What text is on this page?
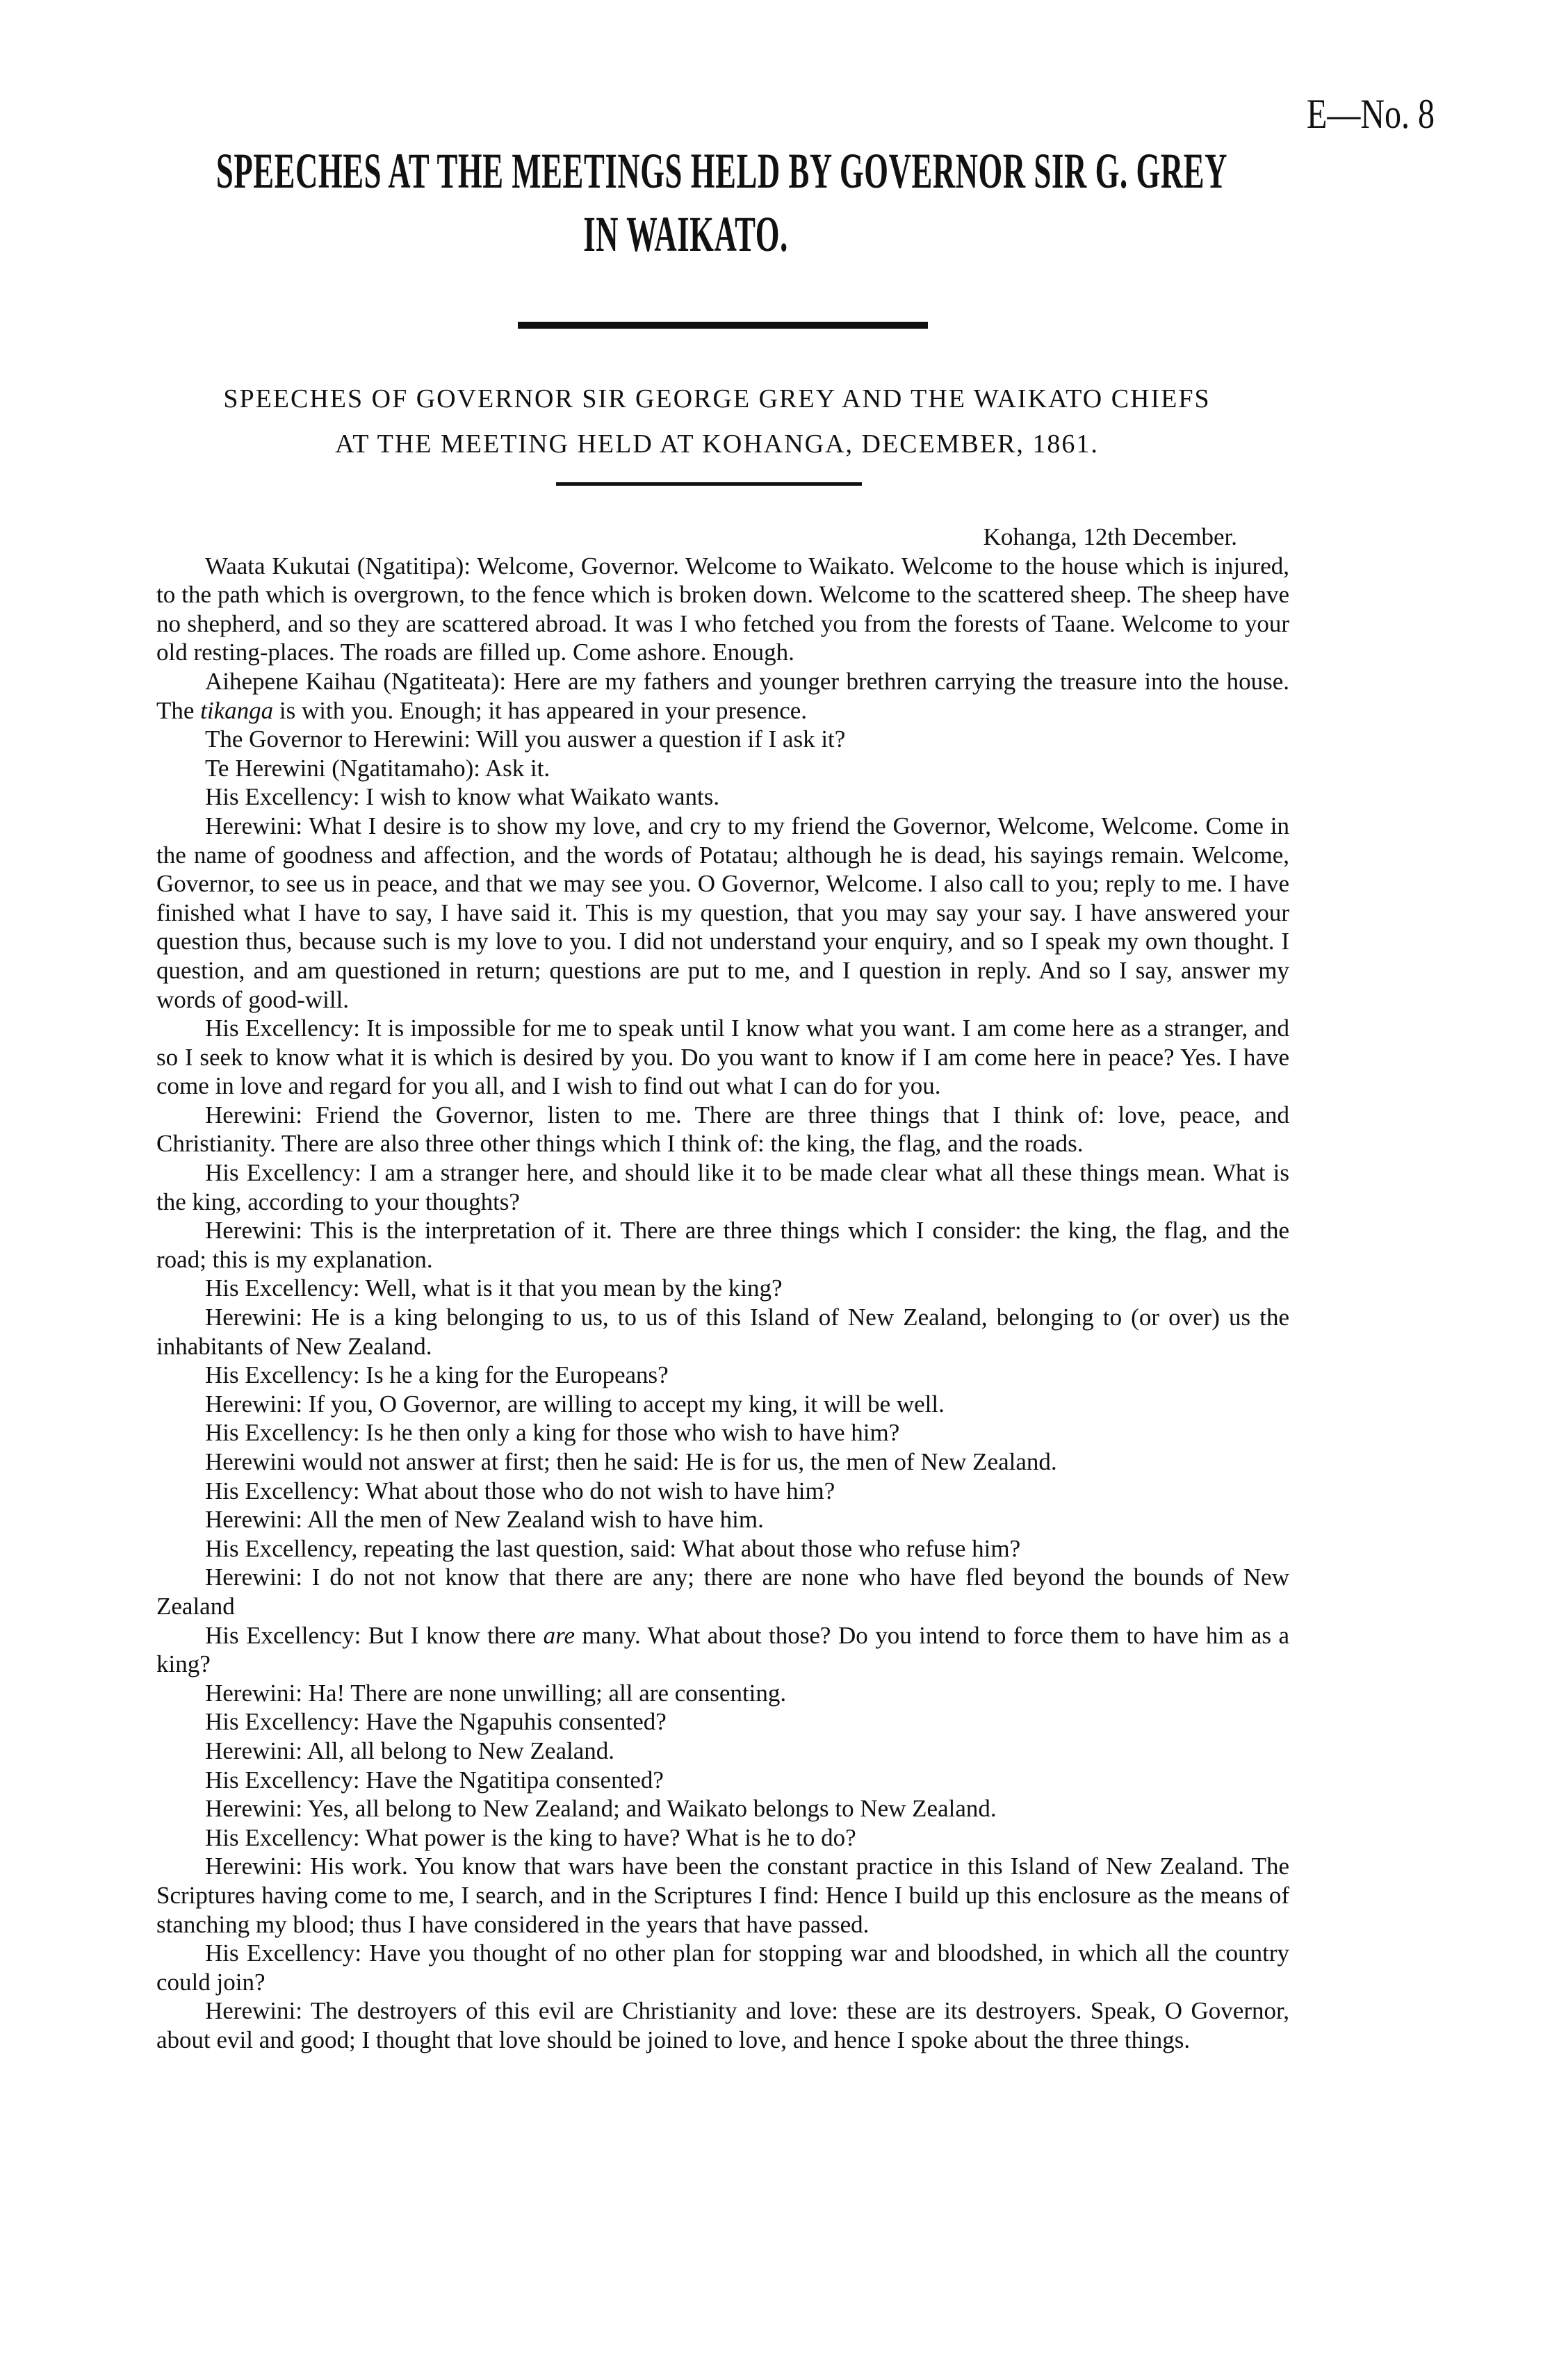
E—No. 8
SPEECHES AT THE MEETINGS HELD BY GOVERNOR SIR G. GREY
IN WAIKATO.
SPEECHES OF GOVERNOR SIR GEORGE GREY AND THE WAIKATO CHIEFS
AT THE MEETING HELD AT KOHANGA, DECEMBER, 1861.
Kohanga, 12th December.

Waata Kukutai (Ngatitipa): Welcome, Governor. Welcome to Waikato. Welcome to the house which is injured, to the path which is overgrown, to the fence which is broken down. Welcome to the scattered sheep. The sheep have no shepherd, and so they are scattered abroad. It was I who fetched you from the forests of Taane. Welcome to your old resting-places. The roads are filled up. Come ashore. Enough.

Aihepene Kaihau (Ngatiteata): Here are my fathers and younger brethren carrying the treasure into the house. The tikanga is with you. Enough; it has appeared in your presence.

The Governor to Herewini: Will you auswer a question if I ask it?

Te Herewini (Ngatitamaho): Ask it.

His Excellency: I wish to know what Waikato wants.

Herewini: What I desire is to show my love, and cry to my friend the Governor, Welcome, Welcome. Come in the name of goodness and affection, and the words of Potatau; although he is dead, his sayings remain. Welcome, Governor, to see us in peace, and that we may see you. O Governor, Welcome. I also call to you; reply to me. I have finished what I have to say, I have said it. This is my question, that you may say your say. I have answered your question thus, because such is my love to you. I did not understand your enquiry, and so I speak my own thought. I question, and am questioned in return; questions are put to me, and I question in reply. And so I say, answer my words of good-will.

His Excellency: It is impossible for me to speak until I know what you want. I am come here as a stranger, and so I seek to know what it is which is desired by you. Do you want to know if I am come here in peace? Yes. I have come in love and regard for you all, and I wish to find out what I can do for you.

Herewini: Friend the Governor, listen to me. There are three things that I think of: love, peace, and Christianity. There are also three other things which I think of: the king, the flag, and the roads.

His Excellency: I am a stranger here, and should like it to be made clear what all these things mean. What is the king, according to your thoughts?

Herewini: This is the interpretation of it. There are three things which I consider: the king, the flag, and the road; this is my explanation.

His Excellency: Well, what is it that you mean by the king?

Herewini: He is a king belonging to us, to us of this Island of New Zealand, belonging to (or over) us the inhabitants of New Zealand.

His Excellency: Is he a king for the Europeans?

Herewini: If you, O Governor, are willing to accept my king, it will be well.

His Excellency: Is he then only a king for those who wish to have him?

Herewini would not answer at first; then he said: He is for us, the men of New Zealand.

His Excellency: What about those who do not wish to have him?

Herewini: All the men of New Zealand wish to have him.

His Excellency, repeating the last question, said: What about those who refuse him?

Herewini: I do not not know that there are any; there are none who have fled beyond the bounds of New Zealand

His Excellency: But I know there are many. What about those? Do you intend to force them to have him as a king?

Herewini: Ha! There are none unwilling; all are consenting.

His Excellency: Have the Ngapuhis consented?

Herewini: All, all belong to New Zealand.

His Excellency: Have the Ngatitipa consented?

Herewini: Yes, all belong to New Zealand; and Waikato belongs to New Zealand.

His Excellency: What power is the king to have? What is he to do?

Herewini: His work. You know that wars have been the constant practice in this Island of New Zealand. The Scriptures having come to me, I search, and in the Scriptures I find: Hence I build up this enclosure as the means of stanching my blood; thus I have considered in the years that have passed.

His Excellency: Have you thought of no other plan for stopping war and bloodshed, in which all the country could join?

Herewini: The destroyers of this evil are Christianity and love: these are its destroyers. Speak, O Governor, about evil and good; I thought that love should be joined to love, and hence I spoke about the three things.
